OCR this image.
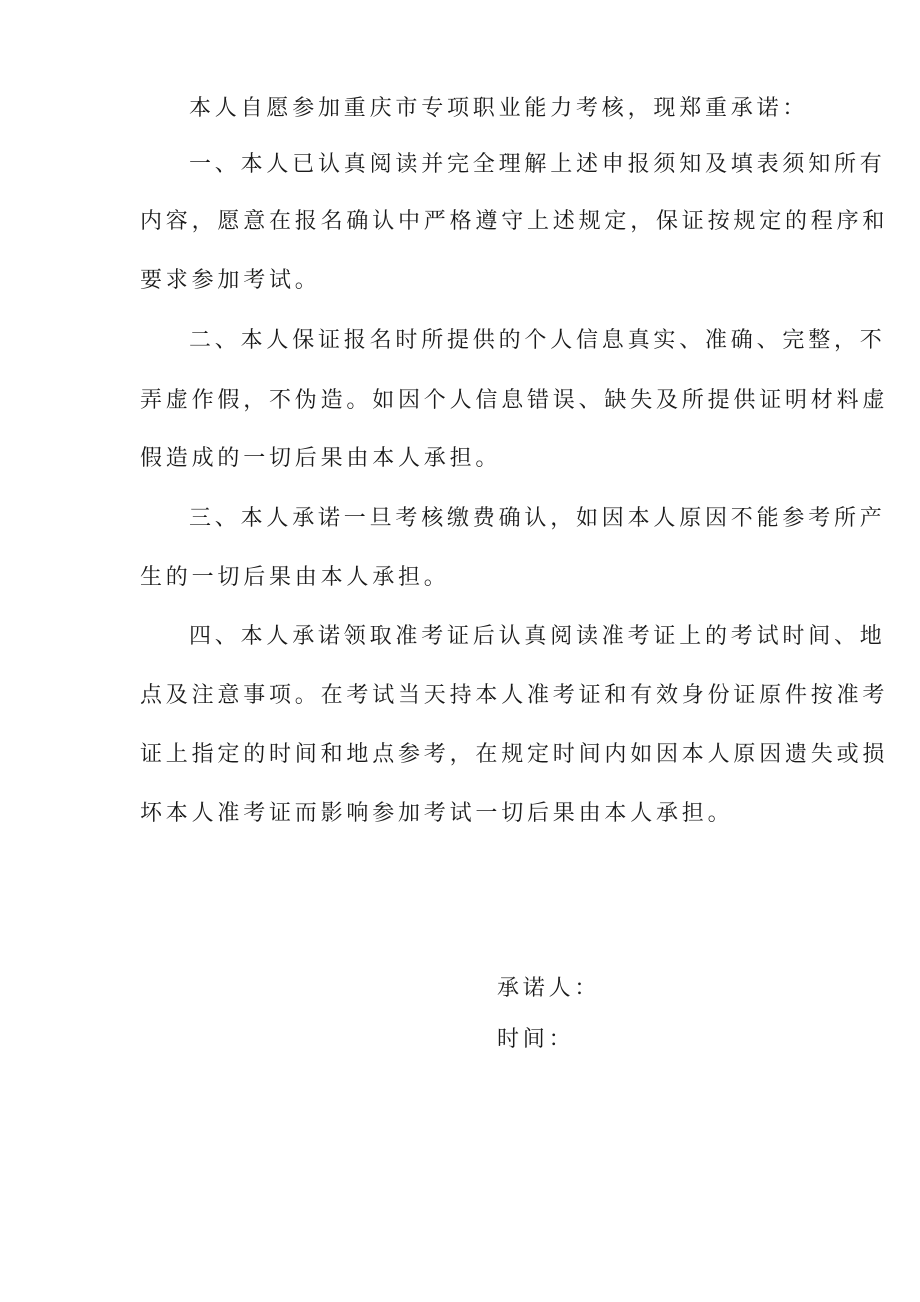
本人自愿参加重庆市专项职业能力考核，现郑重承诺：
一、本人已认真阅读并完全理解上述申报须知及填表须知所有
内容，愿意在报名确认中严格遵守上述规定，保证按规定的程序和
要求参加考试。
二、本人保证报名时所提供的个人信息真实、准确、完整，不
弄虚作假，不伪造。如因个人信息错误、缺失及所提供证明材料虚
假造成的一切后果由本人承担。
三、本人承诺一旦考核缴费确认，如因本人原因不能参考所产
生的一切后果由本人承担。
四、本人承诺领取准考证后认真阅读准考证上的考试时间、地
点及注意事项。在考试当天持本人准考证和有效身份证原件按准考
证上指定的时间和地点参考，在规定时间内如因本人原因遗失或损
坏本人准考证而影响参加考试一切后果由本人承担。
承诺人：
时间：
